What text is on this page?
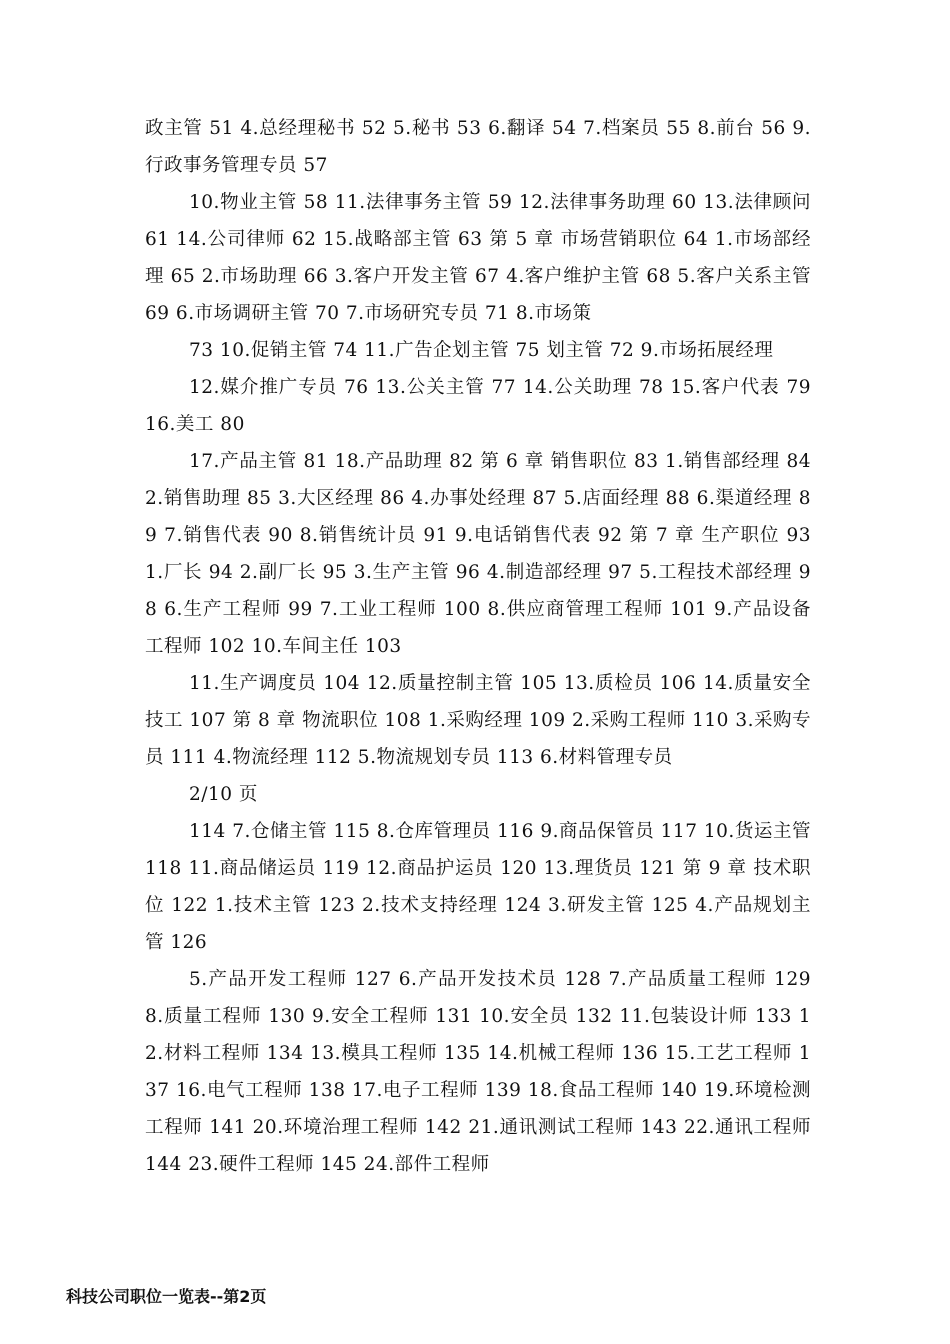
政主管 51 4.总经理秘书 52 5.秘书 53 6.翻译 54 7.档案员 55 8.前台 56 9.行政事务管理专员 57

10.物业主管 58 11.法律事务主管 59 12.法律事务助理 60 13.法律顾问 61 14.公司律师 62 15.战略部主管 63 第 5 章 市场营销职位 64 1.市场部经理 65 2.市场助理 66 3.客户开发主管 67 4.客户维护主管 68 5.客户关系主管 69 6.市场调研主管 70 7.市场研究专员 71 8.市场策

73 10.促销主管 74 11.广告企划主管 75 划主管 72 9.市场拓展经理

12.媒介推广专员 76 13.公关主管 77 14.公关助理 78 15.客户代表 79 16.美工 80

17.产品主管 81 18.产品助理 82 第 6 章 销售职位 83 1.销售部经理 84 2.销售助理 85 3.大区经理 86 4.办事处经理 87 5.店面经理 88 6.渠道经理 89 7.销售代表 90 8.销售统计员 91 9.电话销售代表 92 第 7 章 生产职位 93 1.厂长 94 2.副厂长 95 3.生产主管 96 4.制造部经理 97 5.工程技术部经理 98 6.生产工程师 99 7.工业工程师 100 8.供应商管理工程师 101 9.产品设备工程师 102 10.车间主任 103

11.生产调度员 104 12.质量控制主管 105 13.质检员 106 14.质量安全技工 107 第 8 章 物流职位 108 1.采购经理 109 2.采购工程师 110 3.采购专员 111 4.物流经理 112 5.物流规划专员 113 6.材料管理专员

2/10 页

114 7.仓储主管 115 8.仓库管理员 116 9.商品保管员 117 10.货运主管 118 11.商品储运员 119 12.商品护运员 120 13.理货员 121 第 9 章 技术职位 122 1.技术主管 123 2.技术支持经理 124 3.研发主管 125 4.产品规划主管 126

5.产品开发工程师 127 6.产品开发技术员 128 7.产品质量工程师 129 8.质量工程师 130 9.安全工程师 131 10.安全员 132 11.包装设计师 133 12.材料工程师 134 13.模具工程师 135 14.机械工程师 136 15.工艺工程师 137 16.电气工程师 138 17.电子工程师 139 18.食品工程师 140 19.环境检测工程师 141 20.环境治理工程师 142 21.通讯测试工程师 143 22.通讯工程师 144 23.硬件工程师 145 24.部件工程师

科技公司职位一览表--第2页
